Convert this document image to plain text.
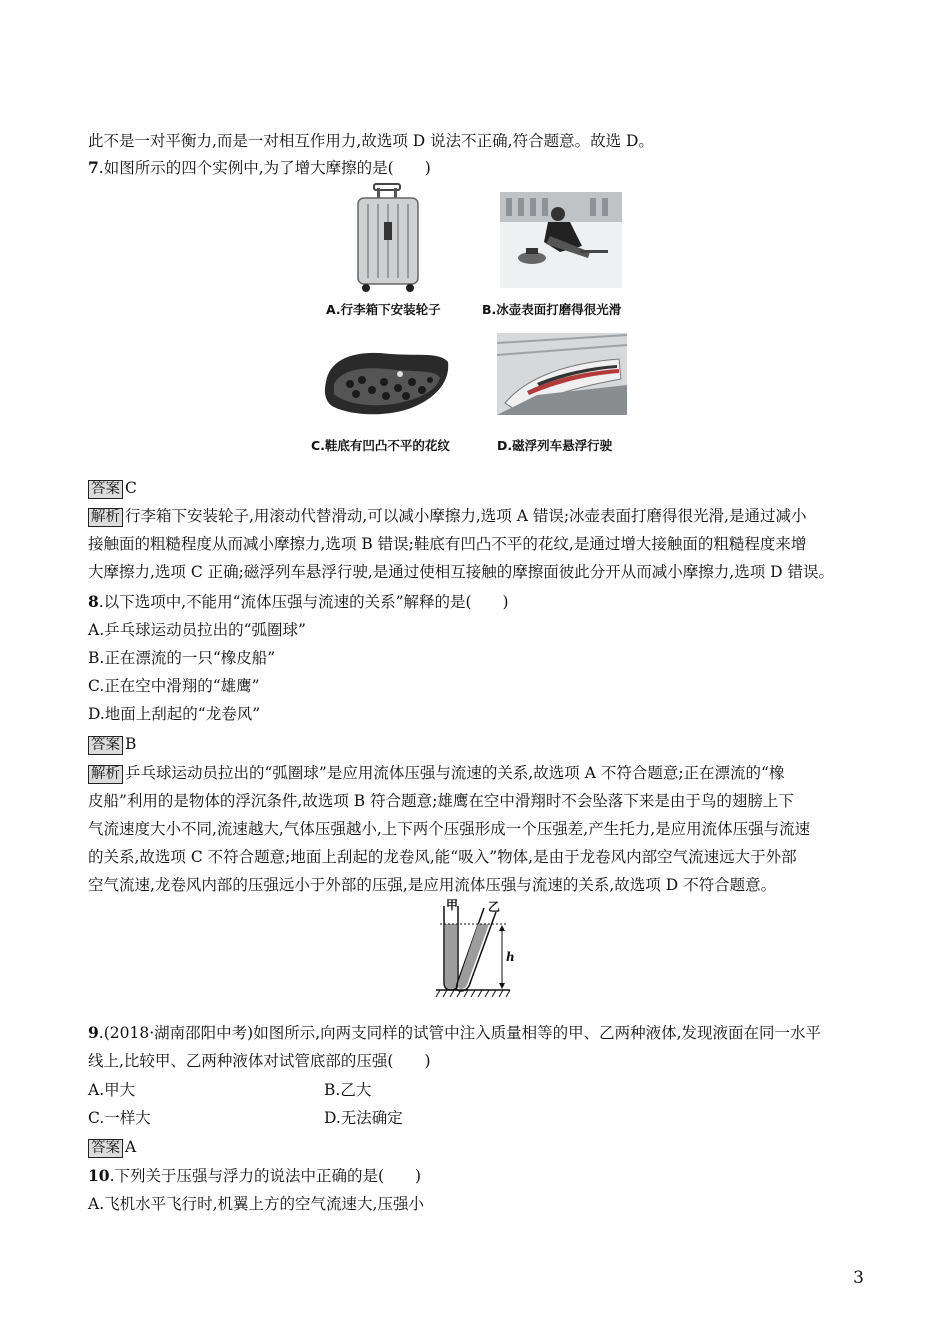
此不是一对平衡力,而是一对相互作用力,故选项 D 说法不正确,符合题意。故选 D。
7.如图所示的四个实例中,为了增大摩擦的是(　　)
A.行李箱下安装轮子	B.冰壶表面打磨得很光滑
C.鞋底有凹凸不平的花纹	D.磁浮列车悬浮行驶
答案 C
解析 行李箱下安装轮子,用滚动代替滑动,可以减小摩擦力,选项 A 错误;冰壶表面打磨得很光滑,是通过减小
接触面的粗糙程度从而减小摩擦力,选项 B 错误;鞋底有凹凸不平的花纹,是通过增大接触面的粗糙程度来增
大摩擦力,选项 C 正确;磁浮列车悬浮行驶,是通过使相互接触的摩擦面彼此分开从而减小摩擦力,选项 D 错误。
8.以下选项中,不能用“流体压强与流速的关系”解释的是(　　)
A.乒乓球运动员拉出的“弧圈球”
B.正在漂流的一只“橡皮船”
C.正在空中滑翔的“雄鹰”
D.地面上刮起的“龙卷风”
答案 B
解析 乒乓球运动员拉出的“弧圈球”是应用流体压强与流速的关系,故选项 A 不符合题意;正在漂流的“橡
皮船”利用的是物体的浮沉条件,故选项 B 符合题意;雄鹰在空中滑翔时不会坠落下来是由于鸟的翅膀上下
气流速度大小不同,流速越大,气体压强越小,上下两个压强形成一个压强差,产生托力,是应用流体压强与流速
的关系,故选项 C 不符合题意;地面上刮起的龙卷风,能“吸入”物体,是由于龙卷风内部空气流速远大于外部
空气流速,龙卷风内部的压强远小于外部的压强,是应用流体压强与流速的关系,故选项 D 不符合题意。
甲 乙
h
9.(2018·湖南邵阳中考)如图所示,向两支同样的试管中注入质量相等的甲、乙两种液体,发现液面在同一水平
线上,比较甲、乙两种液体对试管底部的压强(　　)
A.甲大	B.乙大
C.一样大	D.无法确定
答案 A
10.下列关于压强与浮力的说法中正确的是(　　)
A.飞机水平飞行时,机翼上方的空气流速大,压强小
3
